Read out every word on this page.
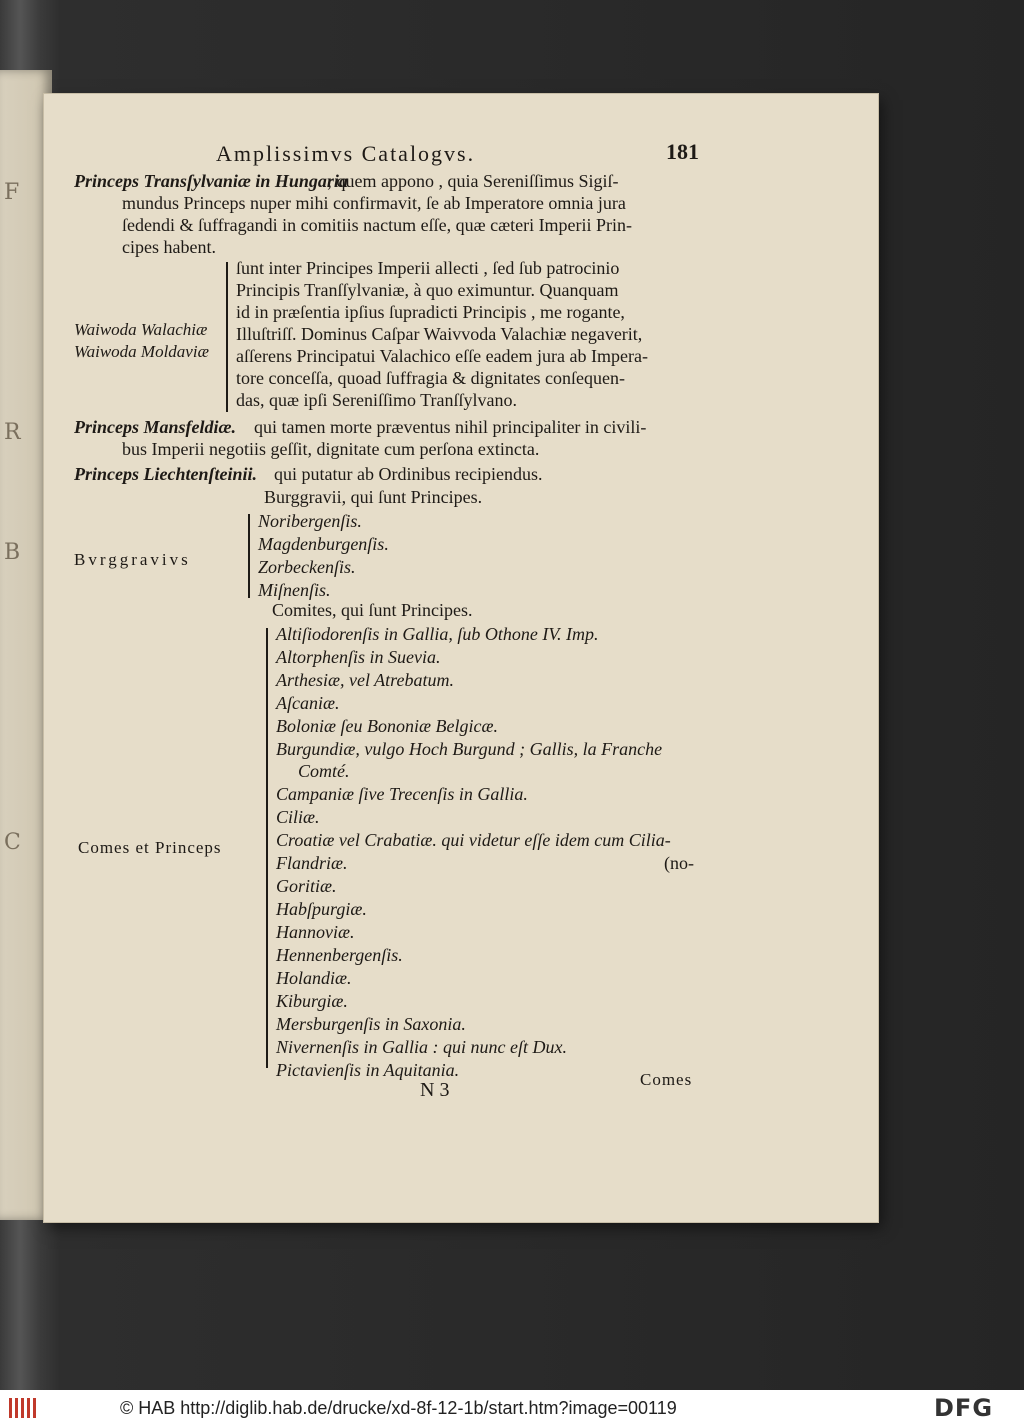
F
R
B
C
Amplissimvs Catalogvs.	181
Princeps Transſylvaniæ in Hungaria
; quem appono , quia Sereniſſimus Sigiſ-
mundus Princeps nuper mihi confirmavit, ſe ab Imperatore omnia jura
ſedendi & ſuffragandi in comitiis nactum eſſe, quæ cæteri Imperii Prin-
cipes habent.
Waiwoda Walachiæ
Waiwoda Moldaviæ
ſunt inter Principes Imperii allecti , ſed ſub patrocinio
Principis Tranſſylvaniæ, à quo eximuntur. Quanquam
id in præſentia ipſius ſupradicti Principis , me rogante,
Illuſtriſſ. Dominus Caſpar Waivvoda Valachiæ negaverit,
aſſerens Principatui Valachico eſſe eadem jura ab Impera-
tore conceſſa, quoad ſuffragia & dignitates conſequen-
das, quæ ipſi Sereniſſimo Tranſſylvano.
Princeps Mansfeldiæ. qui tamen morte præventus nihil principaliter in civili-
bus Imperii negotiis geſſit, dignitate cum perſona extincta.
Princeps Liechtenſteinii. qui putatur ab Ordinibus recipiendus.
Burggravii, qui ſunt Principes.
Bvrggravivs
Noribergenſis.
Magdenburgenſis.
Zorbeckenſis.
Miſnenſis.
Comites, qui ſunt Principes.
Comes et Princeps
Altiſiodorenſis in Gallia, ſub Othone IV. Imp.
Altorphenſis in Suevia.
Arthesiæ, vel Atrebatum.
Aſcaniæ.
Boloniæ ſeu Bononiæ Belgicæ.
Burgundiæ, vulgo Hoch Burgund ; Gallis, la Franche
Comté.
Campaniæ ſive Trecenſis in Gallia.
Ciliæ.
Croatiæ vel Crabatiæ. qui videtur eſſe idem cum Cilia-
Flandriæ.	(no-
Goritiæ.
Habſpurgiæ.
Hannoviæ.
Hennenbergenſis.
Holandiæ.
Kiburgiæ.
Mersburgenſis in Saxonia.
Nivernenſis in Gallia : qui nunc eſt Dux.
Pictavienſis in Aquitania.
N 3	Comes
© HAB http://diglib.hab.de/drucke/xd-8f-12-1b/start.htm?image=00119	DFG
